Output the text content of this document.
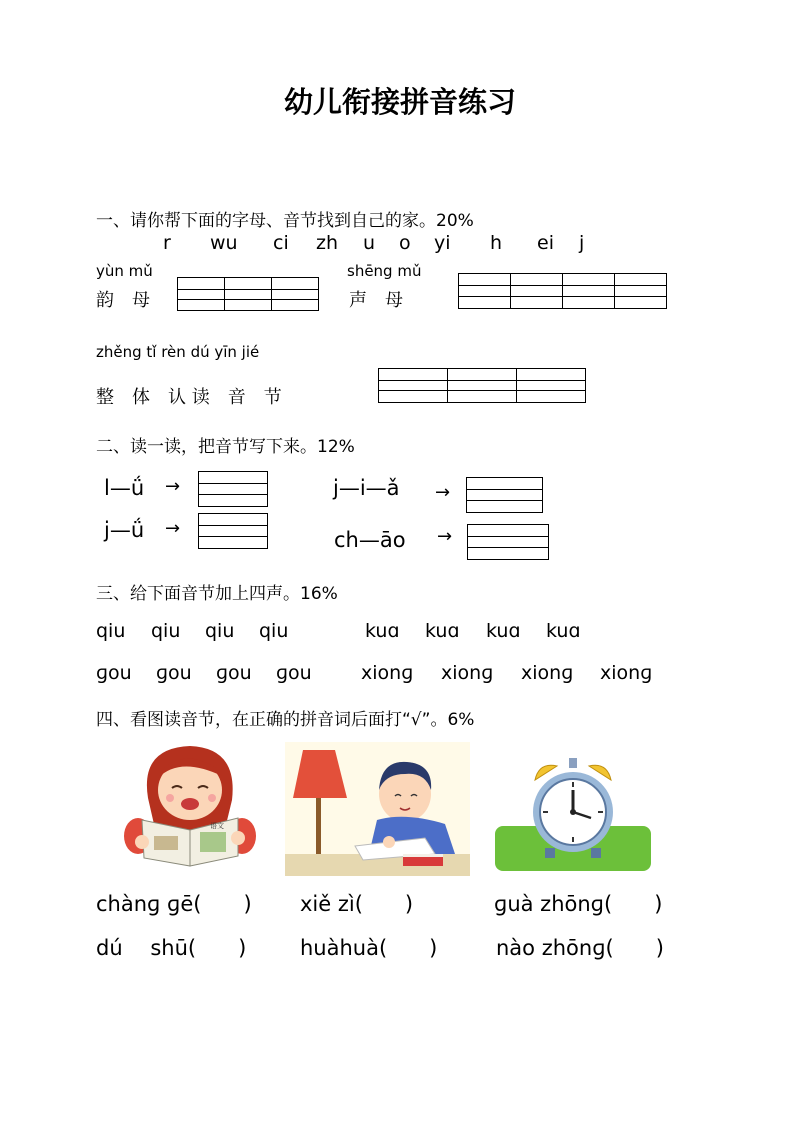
幼儿衔接拼音练习
一、请你帮下面的字母、音节找到自己的家。20%
r wu ci zh u o yi h ei j
yùn mǔ
韵　母
shēng mǔ
声　母
zhěng tǐ rèn dú yīn jié
整　体　认 读　音　节
二、读一读，把音节写下来。12%
l—ǘ →
j—ǘ →
j—i—ǎ →
ch—āo →
三、给下面音节加上四声。16%
qiu qiu qiu qiu	kuɑ kuɑ kuɑ kuɑ
ɡou ɡou ɡou ɡou	xionɡ xionɡ xionɡ xionɡ
四、看图读音节，在正确的拼音词后面打“√”。6%
语文
chànɡ ɡē(　　) xiě zì(　　)	ɡuà zhōnɡ(　　)
dú　 shū(　　)	huàhuà(　　)	nào zhōnɡ(　　)
